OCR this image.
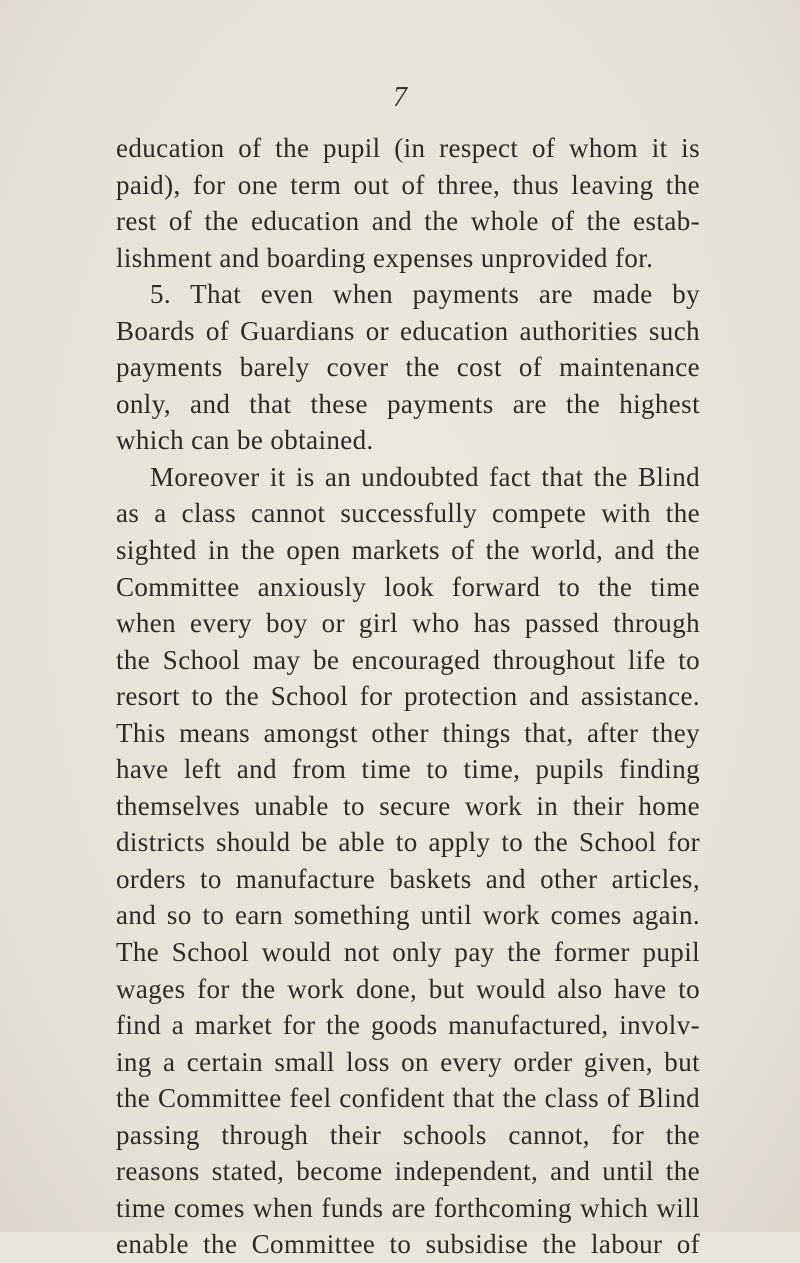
7
education of the pupil (in respect of whom it is
paid), for one term out of three, thus leaving the
rest of the education and the whole of the estab-
lishment and boarding expenses unprovided for.
5. That even when payments are made by
Boards of Guardians or education authorities such
payments barely cover the cost of maintenance
only, and that these payments are the highest
which can be obtained.
Moreover it is an undoubted fact that the Blind
as a class cannot successfully compete with the
sighted in the open markets of the world, and the
Committee anxiously look forward to the time
when every boy or girl who has passed through
the School may be encouraged throughout life to
resort to the School for protection and assistance.
This means amongst other things that, after they
have left and from time to time, pupils finding
themselves unable to secure work in their home
districts should be able to apply to the School for
orders to manufacture baskets and other articles,
and so to earn something until work comes again.
The School would not only pay the former pupil
wages for the work done, but would also have to
find a market for the goods manufactured, involv-
ing a certain small loss on every order given, but
the Committee feel confident that the class of Blind
passing through their schools cannot, for the
reasons stated, become independent, and until the
time comes when funds are forthcoming which will
enable the Committee to subsidise the labour of
